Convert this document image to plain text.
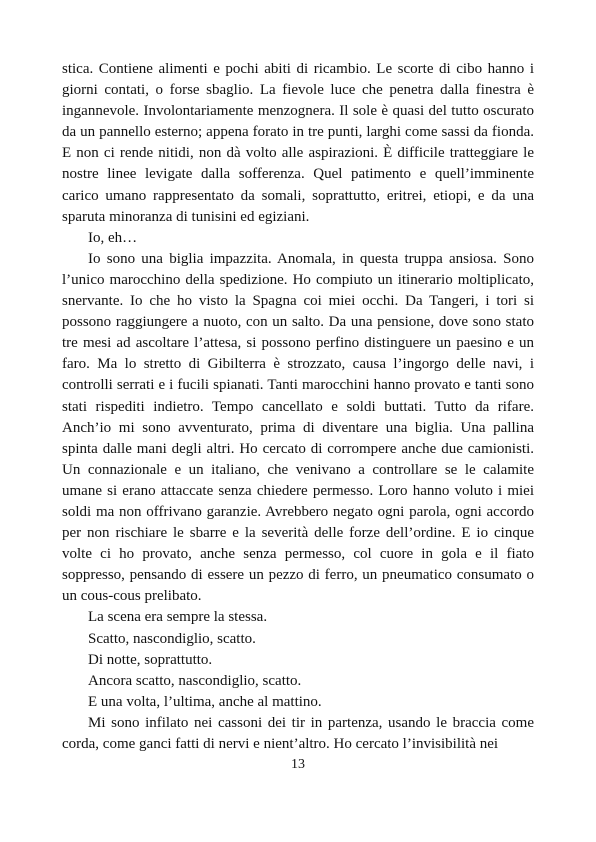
stica. Contiene alimenti e pochi abiti di ricambio. Le scorte di cibo hanno i giorni contati, o forse sbaglio. La fievole luce che penetra dalla finestra è ingannevole. Involontariamente menzognera. Il sole è quasi del tutto oscurato da un pannello esterno; appena forato in tre punti, larghi come sassi da fionda. E non ci rende nitidi, non dà volto alle aspirazioni. È difficile tratteggiare le nostre linee levigate dalla sofferenza. Quel patimento e quell’imminente carico umano rappresentato da somali, soprattutto, eritrei, etiopi, e da una sparuta minoranza di tunisini ed egiziani.

Io, eh…

Io sono una biglia impazzita. Anomala, in questa truppa ansiosa. Sono l’unico marocchino della spedizione. Ho compiuto un itinerario moltiplicato, snervante. Io che ho visto la Spagna coi miei occhi. Da Tangeri, i tori si possono raggiungere a nuoto, con un salto. Da una pensione, dove sono stato tre mesi ad ascoltare l’attesa, si possono perfino distinguere un paesino e un faro. Ma lo stretto di Gibilterra è strozzato, causa l’ingorgo delle navi, i controlli serrati e i fucili spianati. Tanti marocchini hanno provato e tanti sono stati rispediti indietro. Tempo cancellato e soldi buttati. Tutto da rifare. Anch’io mi sono avventurato, prima di diventare una biglia. Una pallina spinta dalle mani degli altri. Ho cercato di corrompere anche due camionisti. Un connazionale e un italiano, che venivano a controllare se le calamite umane si erano attaccate senza chiedere permesso. Loro hanno voluto i miei soldi ma non offrivano garanzie. Avrebbero negato ogni parola, ogni accordo per non rischiare le sbarre e la severità delle forze dell’ordine. E io cinque volte ci ho provato, anche senza permesso, col cuore in gola e il fiato soppresso, pensando di essere un pezzo di ferro, un pneumatico consumato o un cous-cous prelibato.

La scena era sempre la stessa.

Scatto, nascondiglio, scatto.

Di notte, soprattutto.

Ancora scatto, nascondiglio, scatto.

E una volta, l’ultima, anche al mattino.

Mi sono infilato nei cassoni dei tir in partenza, usando le braccia come corda, come ganci fatti di nervi e nient’altro. Ho cercato l’invisibilità nei

13
